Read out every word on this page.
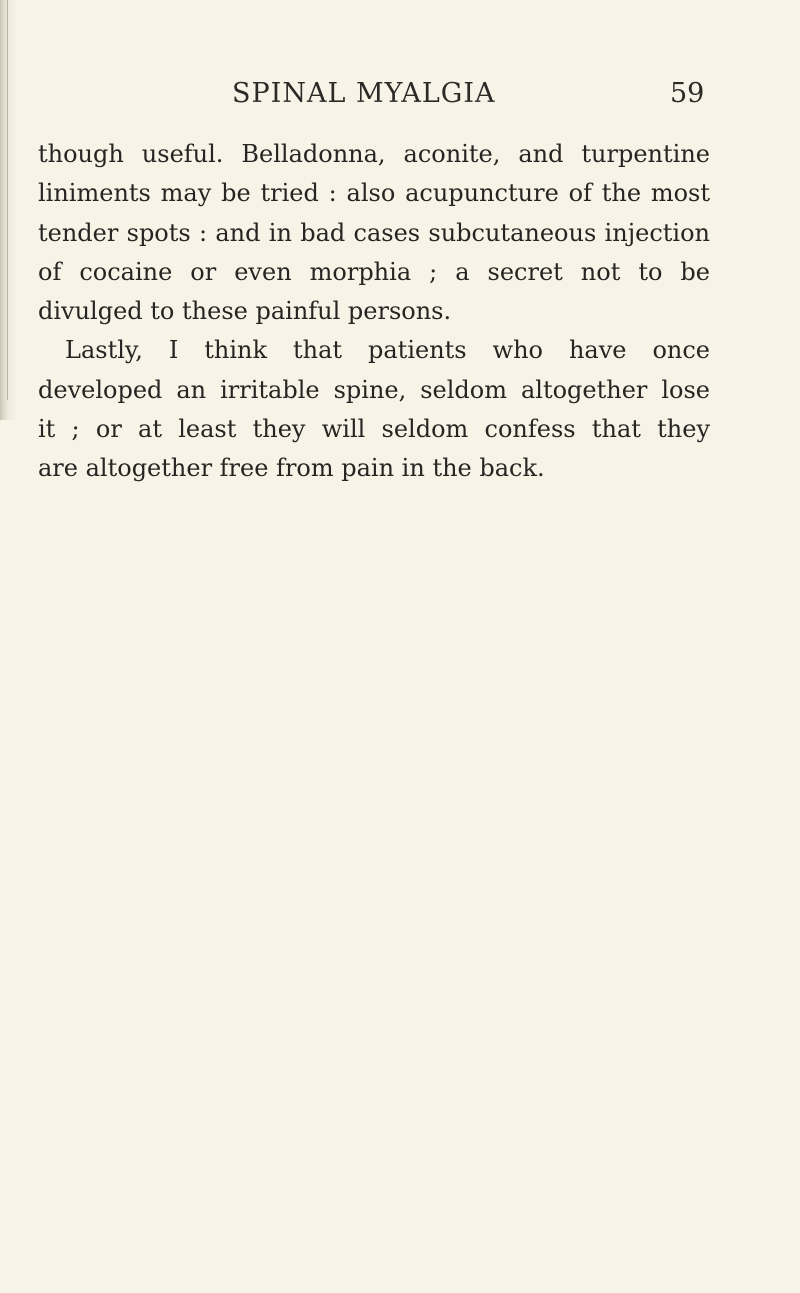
SPINAL MYALGIA	59
though useful. Belladonna, aconite, and turpentine
liniments may be tried : also acupuncture of the most
tender spots : and in bad cases subcutaneous injection
of cocaine or even morphia ; a secret not to be
divulged to these painful persons.
Lastly, I think that patients who have once
developed an irritable spine, seldom altogether lose
it ; or at least they will seldom confess that they
are altogether free from pain in the back.
